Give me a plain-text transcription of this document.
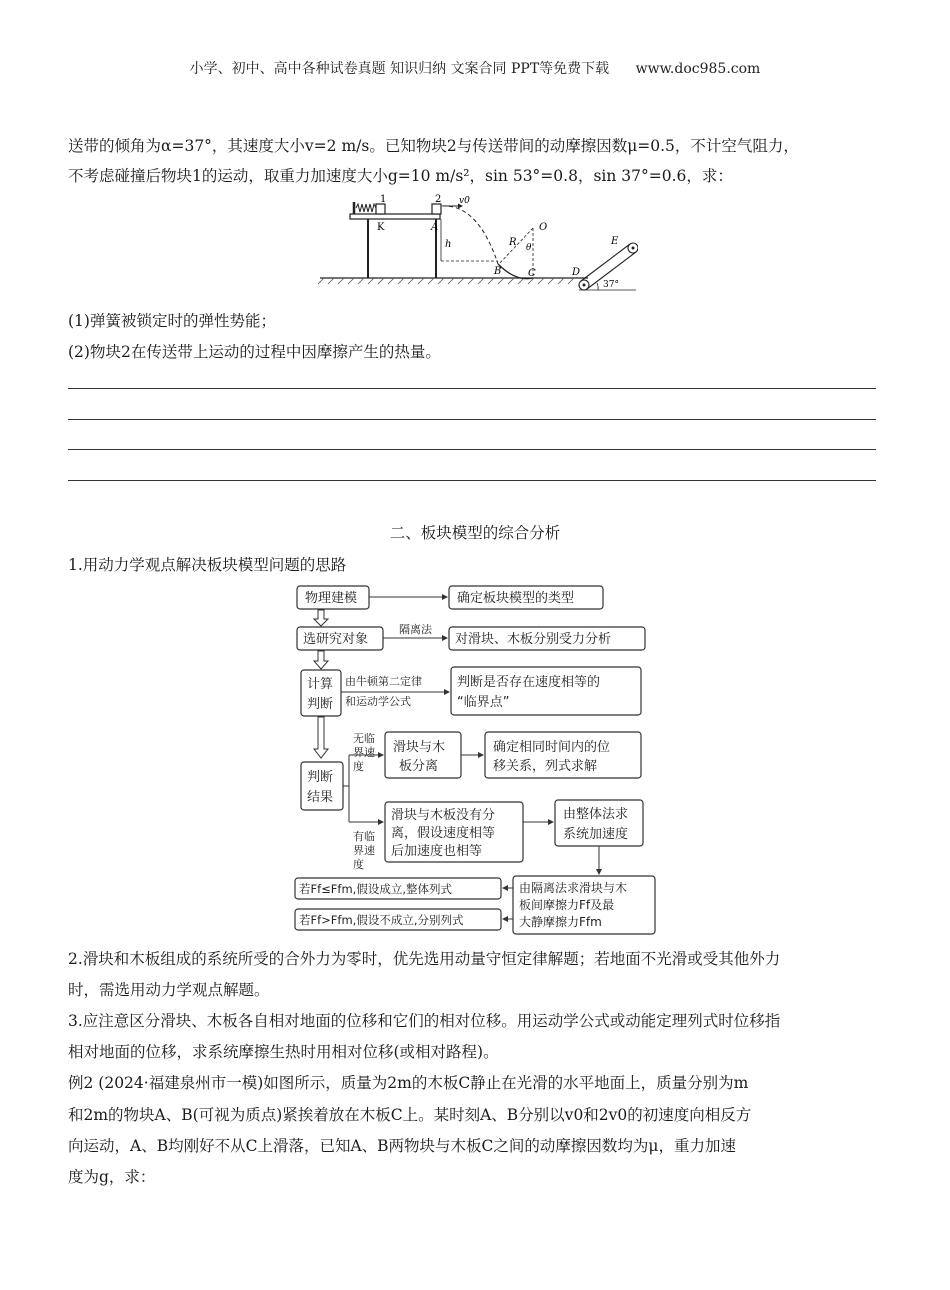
小学、初中、高中各种试卷真题 知识归纳 文案合同 PPT等免费下载 www.doc985.com
送带的倾角为α=37°，其速度大小v=2 m/s。已知物块2与传送带间的动摩擦因数μ=0.5，不计空气阻力，
不考虑碰撞后物块1的运动，取重力加速度大小g=10 m/s²，sin 53°=0.8，sin 37°=0.6，求：
1	2 v0
K	A
h
B	C
R θ
O
D
E
37°
(1)弹簧被锁定时的弹性势能；
(2)物块2在传送带上运动的过程中因摩擦产生的热量。
二、板块模型的综合分析
1.用动力学观点解决板块模型问题的思路
物理建模	确定板块模型的类型
选研究对象	对滑块、木板分别受力分析
计算
判断
判断是否存在速度相等的
“临界点”
判断
结果
滑块与木
板分离
确定相同时间内的位
移关系，列式求解
滑块与木板没有分
离，假设速度相等
后加速度也相等
由整体法求
系统加速度
由隔离法求滑块与木
板间摩擦力Ff及最
大静摩擦力Ffm
若Ff≤Ffm,假设成立,整体列式
若Ff>Ffm,假设不成立,分别列式
隔离法
由牛顿第二定律
和运动学公式
无临
界速
度
有临
界速
度
2.滑块和木板组成的系统所受的合外力为零时，优先选用动量守恒定律解题；若地面不光滑或受其他外力
时，需选用动力学观点解题。
3.应注意区分滑块、木板各自相对地面的位移和它们的相对位移。用运动学公式或动能定理列式时位移指
相对地面的位移，求系统摩擦生热时用相对位移(或相对路程)。
例2 (2024·福建泉州市一模)如图所示，质量为2m的木板C静止在光滑的水平地面上，质量分别为m
和2m的物块A、B(可视为质点)紧挨着放在木板C上。某时刻A、B分别以v0和2v0的初速度向相反方
向运动，A、B均刚好不从C上滑落，已知A、B两物块与木板C之间的动摩擦因数均为μ，重力加速
度为g，求：
